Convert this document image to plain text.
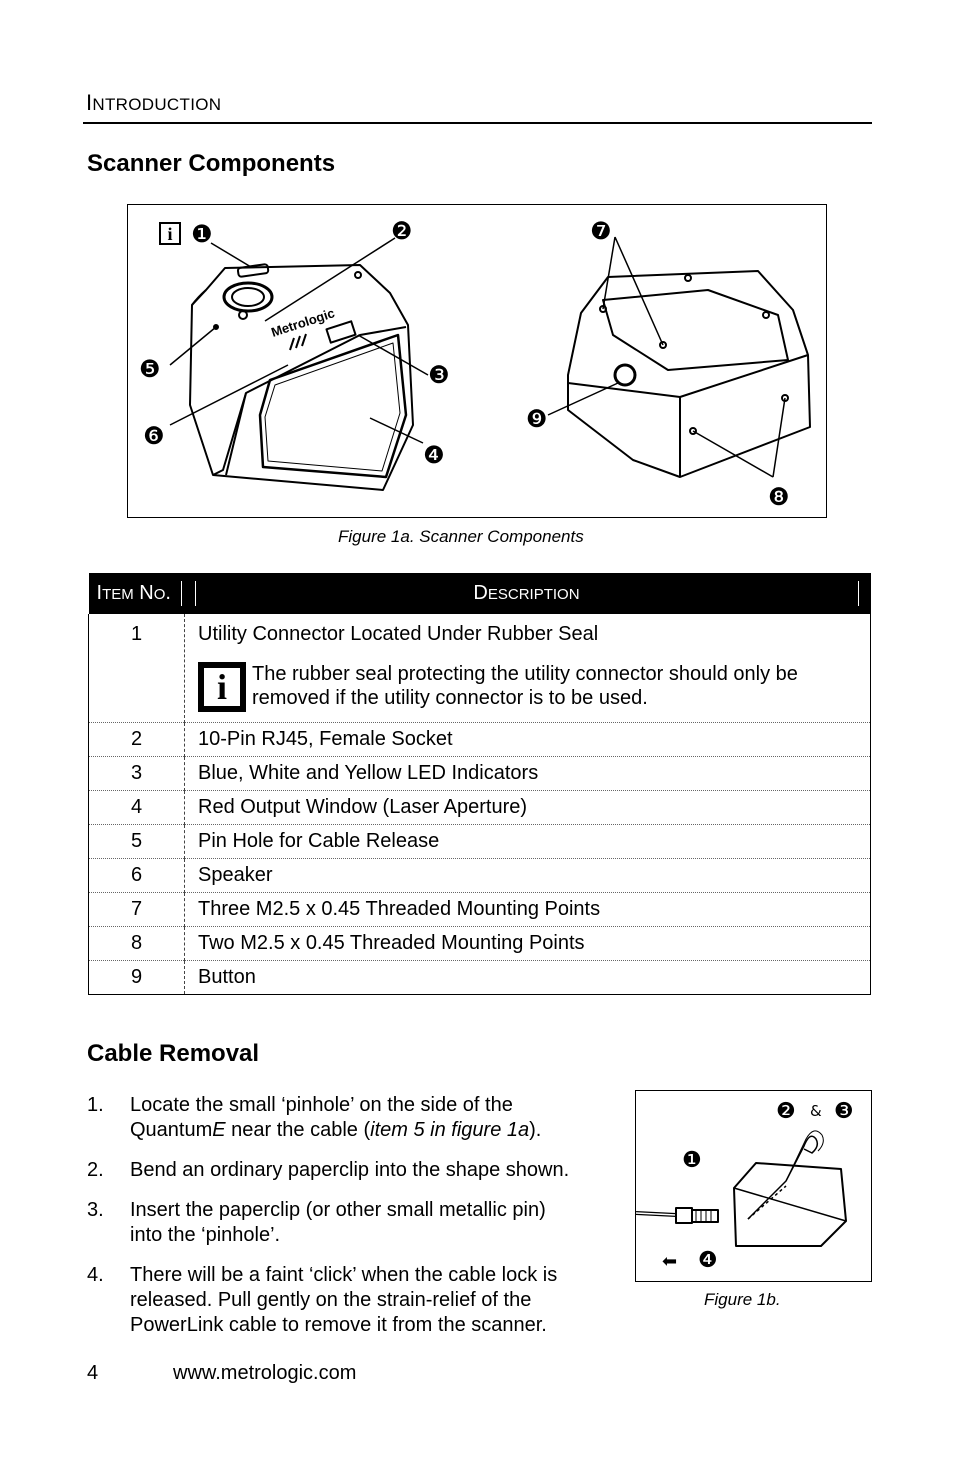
INTRODUCTION
Scanner Components
i
Metrologic
❶	❷
❸
❹
❺
❻
❼
❽
❾
Figure 1a. Scanner Components
ITEM NO.	DESCRIPTION

1	Utility Connector Located Under Rubber Seal
i The rubber seal protecting the utility connector should only be
removed if the utility connector is to be used.

2	10-Pin RJ45, Female Socket
3	Blue, White and Yellow LED Indicators
4	Red Output Window (Laser Aperture)
5	Pin Hole for Cable Release
6	Speaker
7	Three M2.5 x 0.45 Threaded Mounting Points
8	Two M2.5 x 0.45 Threaded Mounting Points
9	Button
Cable Removal
1.	Locate the small ‘pinhole’ on the side of the
QuantumE near the cable (item 5 in figure 1a).
2.	Bend an ordinary paperclip into the shape shown.
3.	Insert the paperclip (or other small metallic pin)
into the ‘pinhole’.
4.	There will be a faint ‘click’ when the cable lock is
released. Pull gently on the strain-relief of the
PowerLink cable to remove it from the scanner.
❶
❷ & ❸
❹
⬅
Figure 1b.
4	www.metrologic.com
